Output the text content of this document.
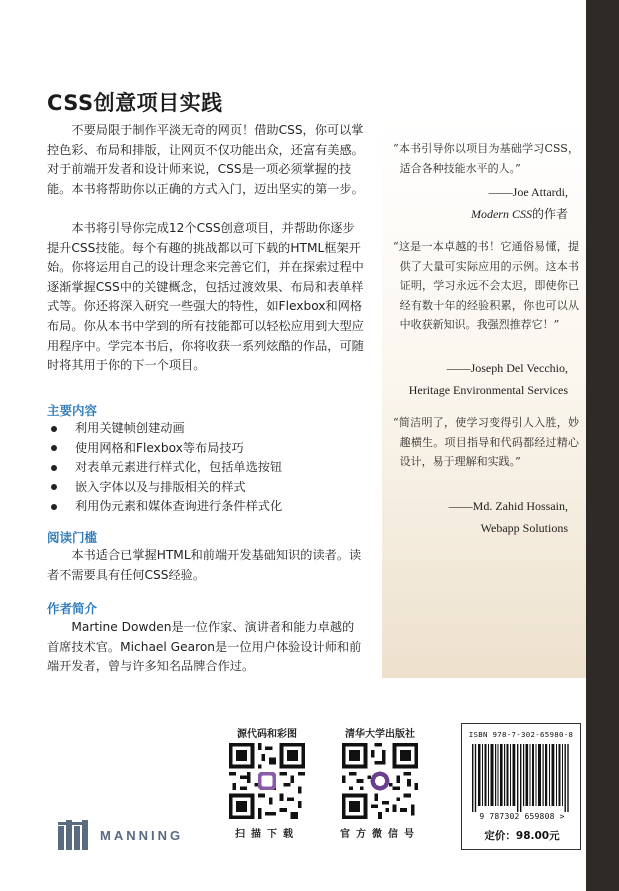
CSS创意项目实践

不要局限于制作平淡无奇的网页！借助CSS，你可以掌控色彩、布局和排版，让网页不仅功能出众，还富有美感。对于前端开发者和设计师来说，CSS是一项必须掌握的技能。本书将帮助你以正确的方式入门，迈出坚实的第一步。

本书将引导你完成12个CSS创意项目，并帮助你逐步提升CSS技能。每个有趣的挑战都以可下载的HTML框架开始。你将运用自己的设计理念来完善它们，并在探索过程中逐渐掌握CSS中的关键概念，包括过渡效果、布局和表单样式等。你还将深入研究一些强大的特性，如Flexbox和网格布局。你从本书中学到的所有技能都可以轻松应用到大型应用程序中。学完本书后，你将收获一系列炫酷的作品，可随时将其用于你的下一个项目。

主要内容
利用关键帧创建动画
使用网格和Flexbox等布局技巧
对表单元素进行样式化，包括单选按钮
嵌入字体以及与排版相关的样式
利用伪元素和媒体查询进行条件样式化
阅读门槛

本书适合已掌握HTML和前端开发基础知识的读者。读者不需要具有任何CSS经验。

作者简介

Martine Dowden是一位作家、演讲者和能力卓越的首席技术官。Michael Gearon是一位用户体验设计师和前端开发者，曾与许多知名品牌合作过。

“本书引导你以项目为基础学习CSS，适合各种技能水平的人。”
——Joe Attardi,
Modern CSS的作者
“这是一本卓越的书！它通俗易懂，提供了大量可实际应用的示例。这本书证明，学习永远不会太迟，即使你已经有数十年的经验积累，你也可以从中收获新知识。我强烈推荐它！”
——Joseph Del Vecchio,
Heritage Environmental Services
“简洁明了，使学习变得引人入胜，妙趣横生。项目指导和代码都经过精心设计，易于理解和实践。”
——Md. Zahid Hossain,
Webapp Solutions
源代码和彩图
扫描下载
清华大学出版社
官方微信号
ISBN 978-7-302-65980-8
9 787302 659808 >
定价：98.00元
MANNING
